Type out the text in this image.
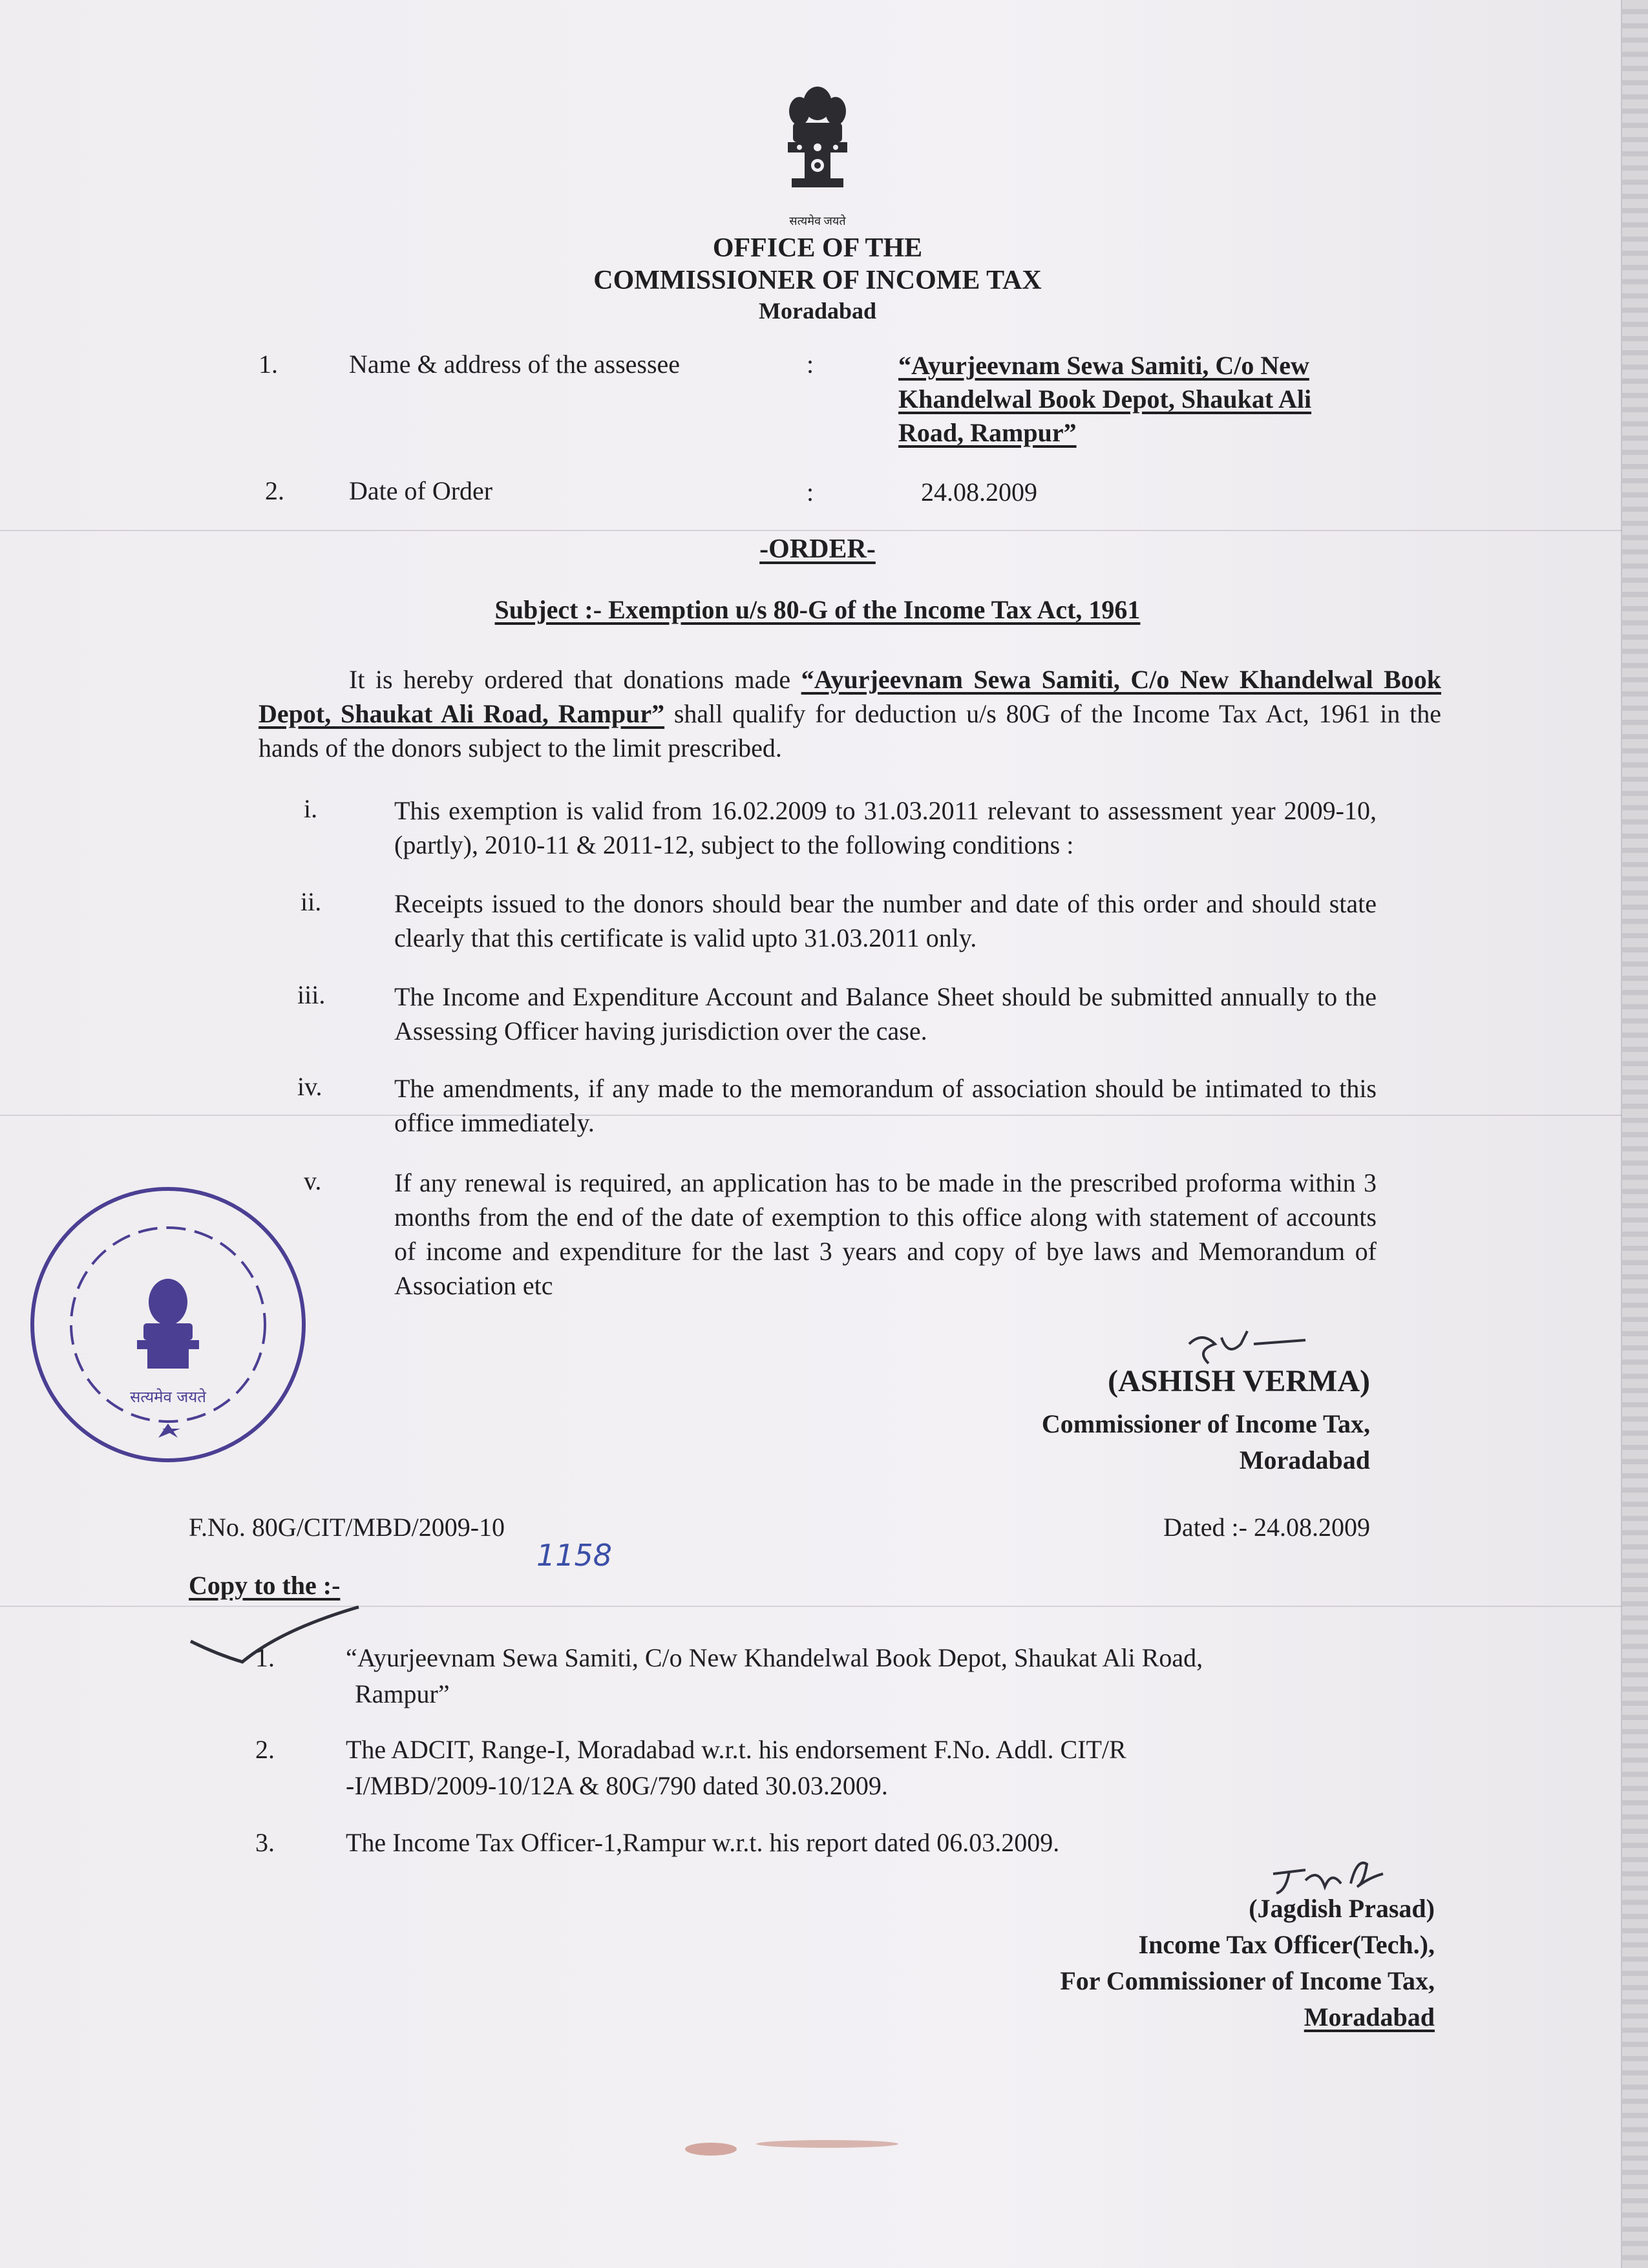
सत्यमेव जयते
OFFICE OF THE
COMMISSIONER OF INCOME TAX
Moradabad
1.	Name & address of the assessee	:	“Ayurjeevnam Sewa Samiti, C/o New
Khandelwal Book Depot, Shaukat Ali
Road, Rampur”
2.	Date of Order	:	24.08.2009
-ORDER-
Subject :- Exemption u/s 80-G of the Income Tax Act, 1961
It is hereby ordered that donations made “Ayurjeevnam Sewa Samiti, C/o New Khandelwal Book Depot, Shaukat Ali Road, Rampur” shall qualify for deduction u/s 80G of the Income Tax Act, 1961 in the hands of the donors subject to the limit prescribed.
i.	This exemption is valid from 16.02.2009 to 31.03.2011 relevant to assessment year 2009-10, (partly), 2010-11 & 2011-12, subject to the following conditions :
ii.	Receipts issued to the donors should bear the number and date of this order and should state clearly that this certificate is valid upto 31.03.2011 only.
iii.	The Income and Expenditure Account and Balance Sheet should be submitted annually to the Assessing Officer having jurisdiction over the case.
iv.	The amendments, if any made to the memorandum of association should be intimated to this office immediately.
v.	If any renewal is required, an application has to be made in the prescribed proforma within 3 months from the end of the date of exemption to this office along with statement of accounts of income and expenditure for the last 3 years and copy of bye laws and Memorandum of Association etc
सत्यमेव जयते	(ASHISH VERMA)
Commissioner of Income Tax,
Moradabad
F.No. 80G/CIT/MBD/2009-10
1158
Dated :- 24.08.2009
Copy to the :-
1.	“Ayurjeevnam Sewa Samiti, C/o New Khandelwal Book Depot, Shaukat Ali Road,
Rampur”
2.	The ADCIT, Range-I, Moradabad w.r.t. his endorsement F.No. Addl. CIT/R
-I/MBD/2009-10/12A & 80G/790 dated 30.03.2009.
3.	The Income Tax Officer-1,Rampur w.r.t. his report dated 06.03.2009.
(Jagdish Prasad)
Income Tax Officer(Tech.),
For Commissioner of Income Tax,
Moradabad
